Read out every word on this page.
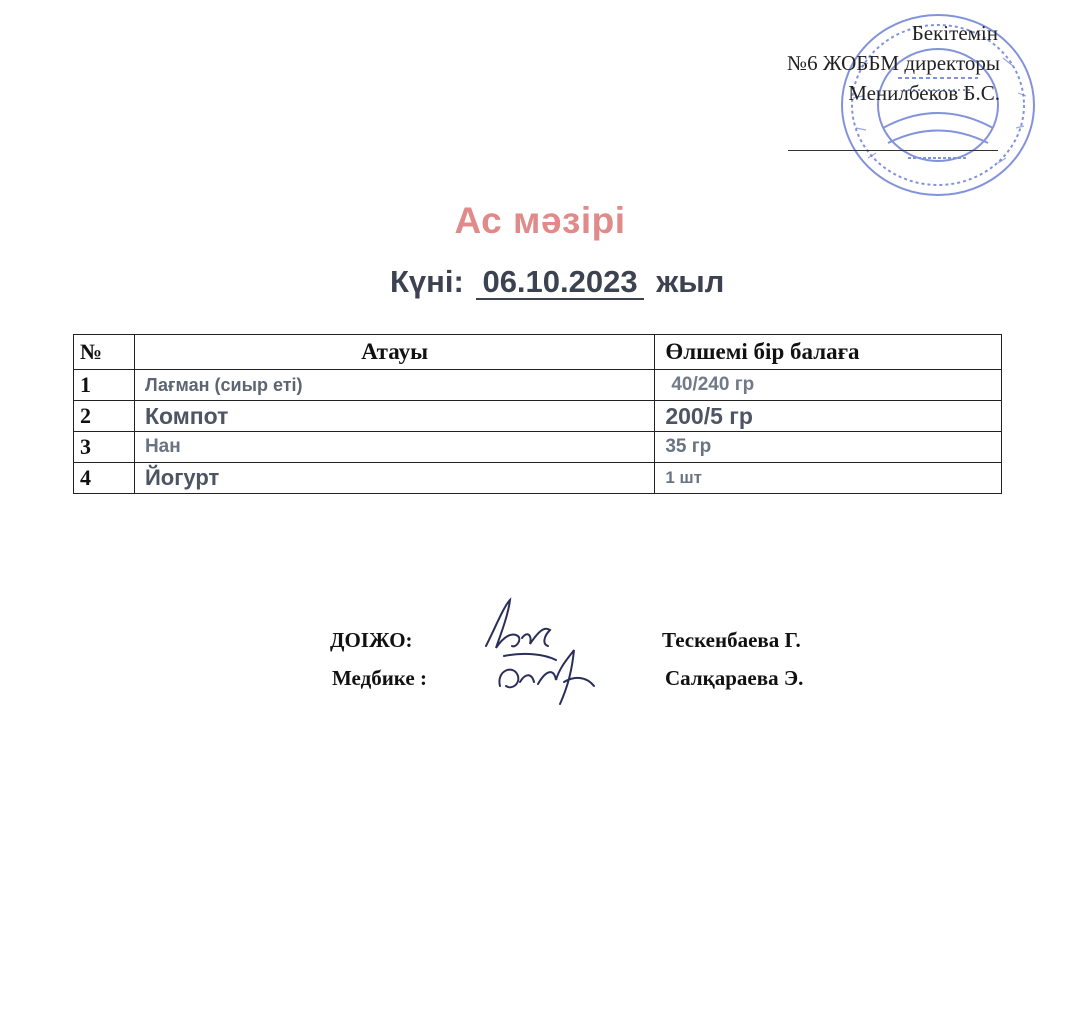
Бекітемін
№6 ЖОББМ директоры
Менилбеков Б.С.
Ас мәзірі
Күні: 06.10.2023 жыл
№	Атауы	Өлшемі бір балаға
1	Лағман (сиыр еті)	40/240 гр
2	Компот	200/5 гр
3	Нан	35 гр
4	Йогурт	1 шт
ДОІЖО:	Тескенбаева Г.
Медбике :	Салқараева Э.
